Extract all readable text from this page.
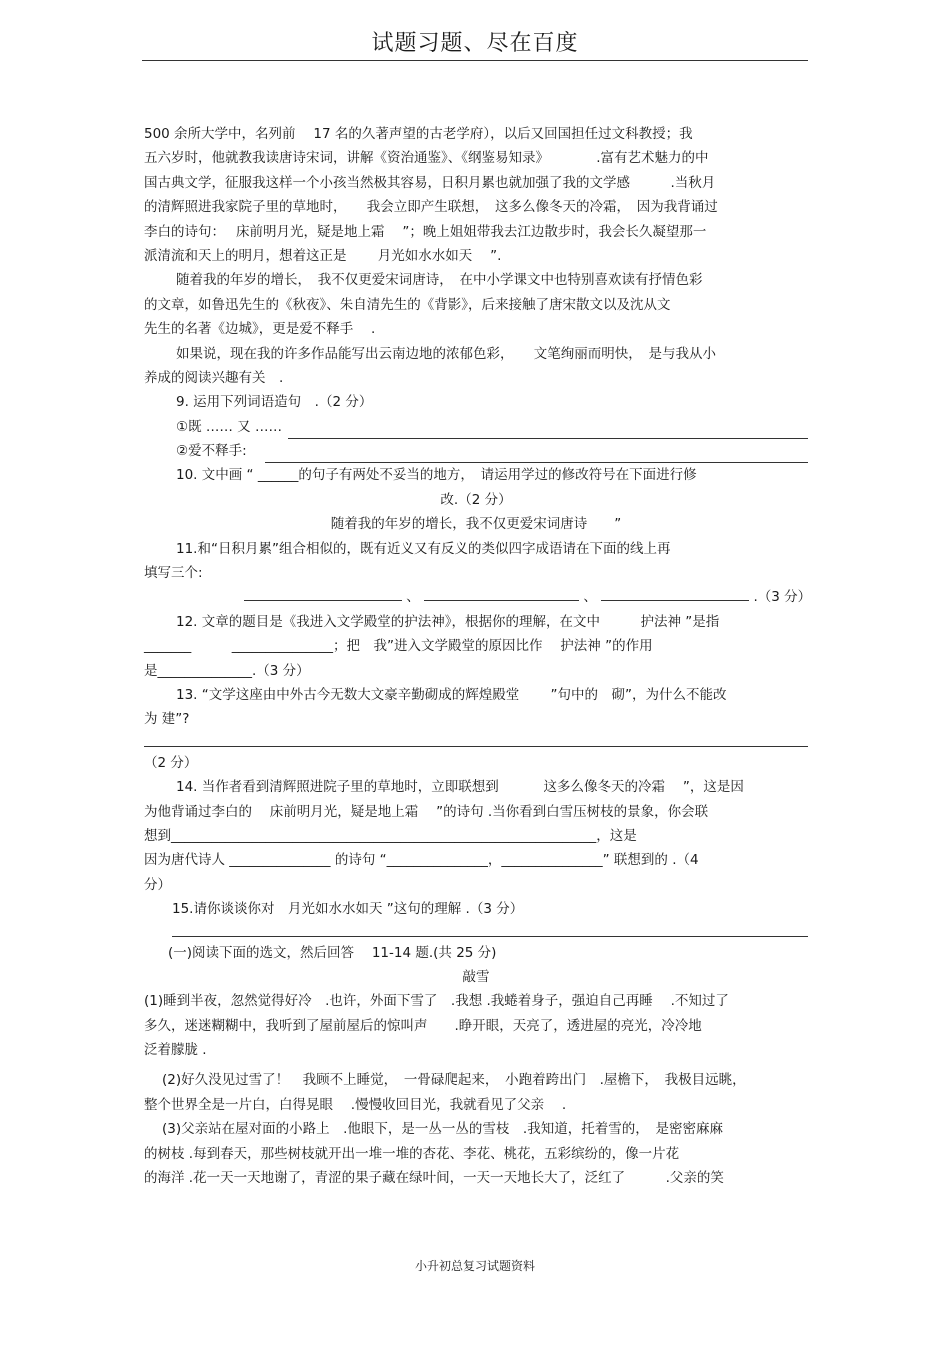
试题习题、尽在百度
500 余所大学中，名列前　 17 名的久著声望的古老学府），以后又回国担任过文科教授；我
五六岁时，他就教我读唐诗宋词，讲解《资治通鉴》、《纲鉴易知录》　　　　.富有艺术魅力的中
国古典文学，征服我这样一个小孩当然极其容易，日积月累也就加强了我的文学感　　　.当秋月
的清辉照进我家院子里的草地时，　　我会立即产生联想，　这多么像冬天的冷霜，　因为我背诵过
李白的诗句：　 床前明月光，疑是地上霜　 ”；晚上姐姐带我去江边散步时，我会长久凝望那一
派清流和天上的明月，想着这正是　　 月光如水水如天　 ”.
随着我的年岁的增长，　我不仅更爱宋词唐诗，　在中小学课文中也特别喜欢读有抒情色彩
的文章，如鲁迅先生的《秋夜》、朱自清先生的《背影》，后来接触了唐宋散文以及沈从文
先生的名著《边城》，更是爱不释手　 .
如果说，现在我的许多作品能写出云南边地的浓郁色彩，　　文笔绚丽而明快，　是与我从小
养成的阅读兴趣有关　.
9. 运用下列词语造句　.（2 分）
①既 …… 又 ……
②爱不释手:
10. 文中画 “ ______的句子有两处不妥当的地方，　请运用学过的修改符号在下面进行修
改.（2 分）
随着我的年岁的增长，我不仅更爱宋词唐诗　　”
11.和“日积月累”组合相似的，既有近义又有反义的类似四字成语请在下面的线上再
填写三个:
、	、	.（3 分）
12. 文章的题目是《我进入文学殿堂的护法神》，根据你的理解，在文中　　　护法神 ”是指
_______　　　_______________；把　我”进入文学殿堂的原因比作　 护法神 ”的作用
是______________.（3 分）
13. “文学这座由中外古今无数大文豪辛勤砌成的辉煌殿堂　　 ”句中的　砌”，为什么不能改
为 建”?
（2 分）
14. 当作者看到清辉照进院子里的草地时，立即联想到　　　 这多么像冬天的冷霜　 ”，这是因
为他背诵过李白的　 床前明月光，疑是地上霜　 ”的诗句 .当你看到白雪压树枝的景象，你会联
想到_______________________________________________________________，这是
因为唐代诗人 _______________ 的诗句 “_______________，_______________” 联想到的 .（4
分）
15.请你谈谈你对　月光如水水如天 ”这句的理解 .（3 分）
(一)阅读下面的选文，然后回答　 11-14 题.(共 25 分)
敲雪
(1)睡到半夜，忽然觉得好冷　.也许，外面下雪了　.我想 .我蜷着身子，强迫自己再睡　 .不知过了
多久，迷迷糊糊中，我听到了屋前屋后的惊叫声　　.睁开眼，天亮了，透进屋的亮光，冷冷地
泛着朦胧 .
(2)好久没见过雪了！　我顾不上睡觉，　一骨碌爬起来，　小跑着跨出门　.屋檐下，　我极目远眺，
整个世界全是一片白，白得晃眼　 .慢慢收回目光，我就看见了父亲　 .
(3)父亲站在屋对面的小路上　.他眼下，是一丛一丛的雪枝　.我知道，托着雪的，　是密密麻麻
的树枝 .每到春天，那些树枝就开出一堆一堆的杏花、李花、桃花，五彩缤纷的，像一片花
的海洋 .花一天一天地谢了，青涩的果子藏在绿叶间，一天一天地长大了，泛红了　　　.父亲的笑
小升初总复习试题资料
